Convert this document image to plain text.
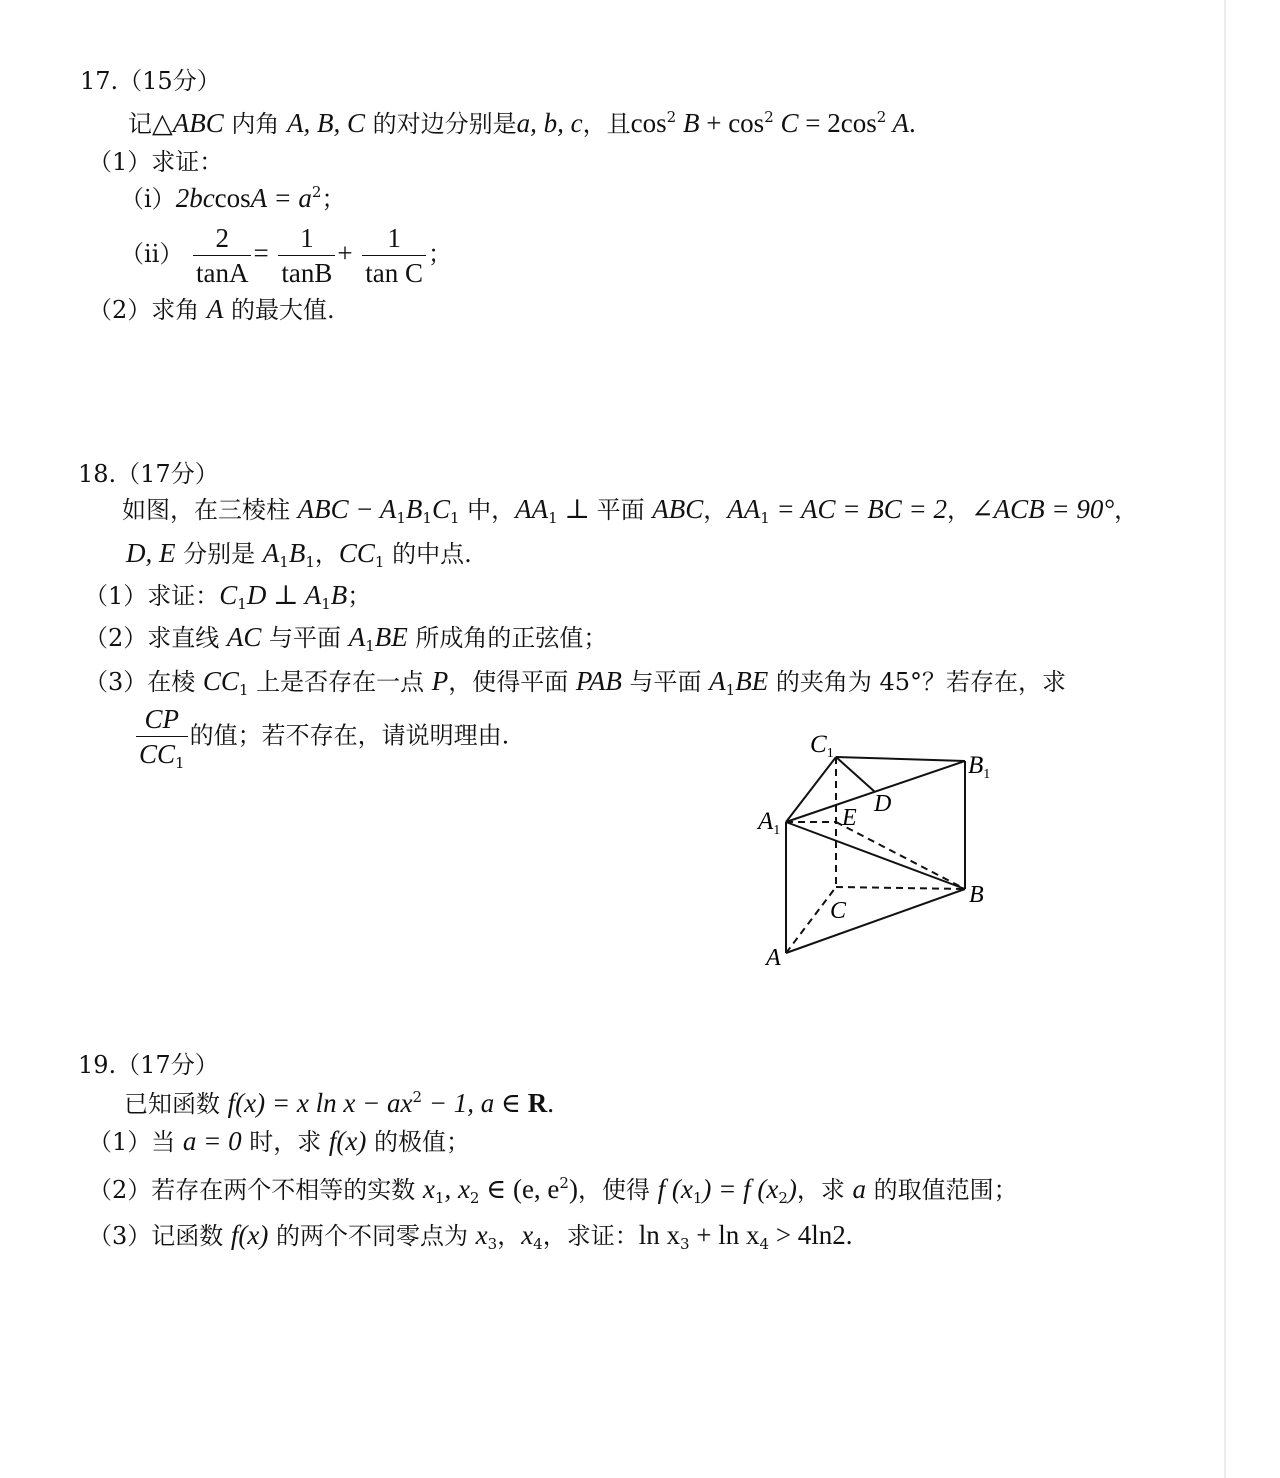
17.（15分）
记△ABC 内角 A, B, C 的对边分别是a, b, c，且$\cos^2 B + \cos^2 C = 2\cos^2$ A.
（1）求证：
（ⅰ）2bccosA = $a^2$；
（ⅱ） $\frac{2}{\tan A} = \frac{1}{\tan B} + \frac{1}{\text{tan C}}$ ；
（2）求角 A 的最大值.
18.（17分）
如图，在三棱柱 ABC − $A_1B_1C_1$ 中，$AA_1$ ⊥ 平面 ABC，$AA_1$ = AC = BC = 2，∠ACB = 90°，
D, E 分别是 $A_1B_1$，$CC_1$ 的中点.
（1）求证：$C_1D$ ⊥ $A_1B$；
（2）求直线 AC 与平面 $A_1BE$ 所成角的正弦值；
（3）在棱 $CC_1$ 上是否存在一点 P，使得平面 PAB 与平面 $A_1BE$ 的夹角为 45°？若存在，求
$\frac{CP}{CC_1}$ 的值；若不存在，请说明理由.	$C_1$	$B_1$
D
$A_1$	E
B
C
A
19.（17分）
已知函数 f(x) = x $\ln x - ax^2 - 1$, a ∈ R.
（1）当 a = 0 时，求 f(x) 的极值；
（2）若存在两个不相等的实数 $x_1$, $x_2$ ∈ (e, $e^2$)，使得 f $(x_1) = f$ $(x_2)$，求 a 的取值范围；
（3）记函数 f(x) 的两个不同零点为 $x_3$，$x_4$，求证：$\ln x_3 + \ln x_4 > 4\ln 2$.
